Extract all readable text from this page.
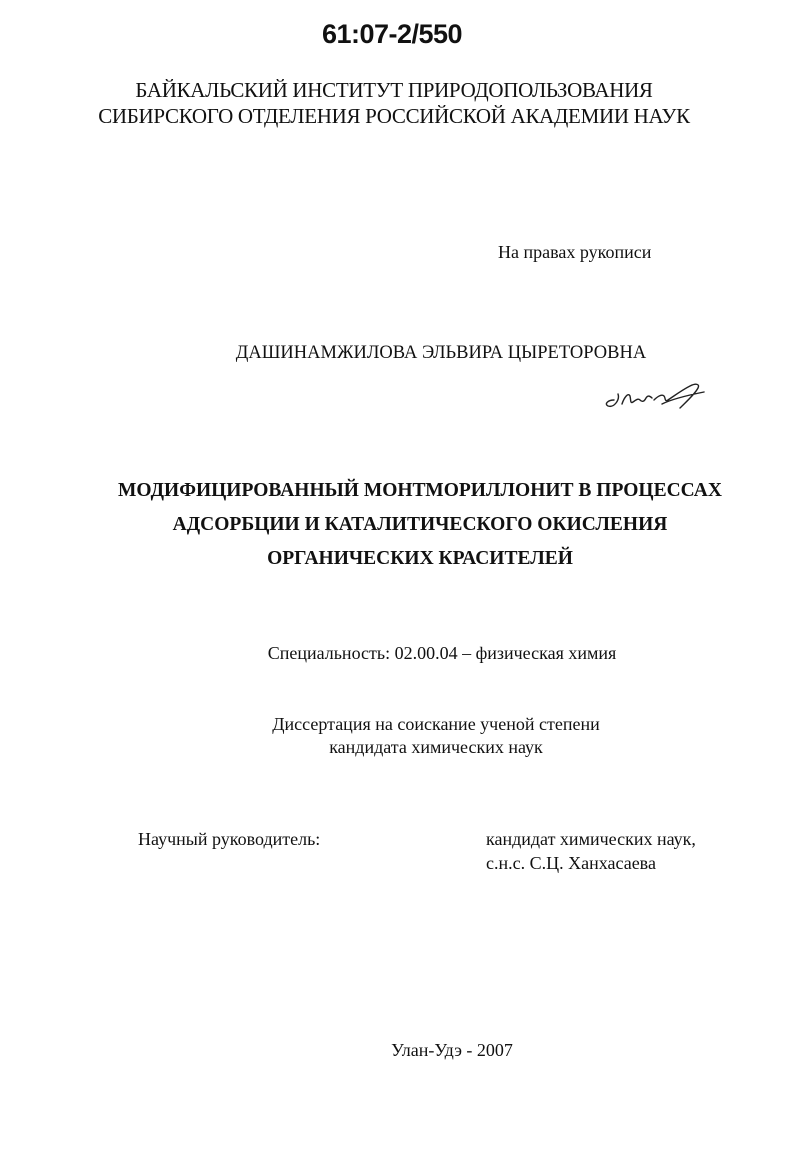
61:07-2/550
БАЙКАЛЬСКИЙ ИНСТИТУТ ПРИРОДОПОЛЬЗОВАНИЯ
СИБИРСКОГО ОТДЕЛЕНИЯ РОССИЙСКОЙ АКАДЕМИИ НАУК
На правах рукописи
ДАШИНАМЖИЛОВА ЭЛЬВИРА ЦЫРЕТОРОВНА
МОДИФИЦИРОВАННЫЙ МОНТМОРИЛЛОНИТ В ПРОЦЕССАХ
АДСОРБЦИИ И КАТАЛИТИЧЕСКОГО ОКИСЛЕНИЯ
ОРГАНИЧЕСКИХ КРАСИТЕЛЕЙ
Специальность: 02.00.04 – физическая химия
Диссертация на соискание ученой степени
кандидата химических наук
Научный руководитель:	кандидат химических наук,
с.н.с. С.Ц. Ханхасаева
Улан-Удэ - 2007
